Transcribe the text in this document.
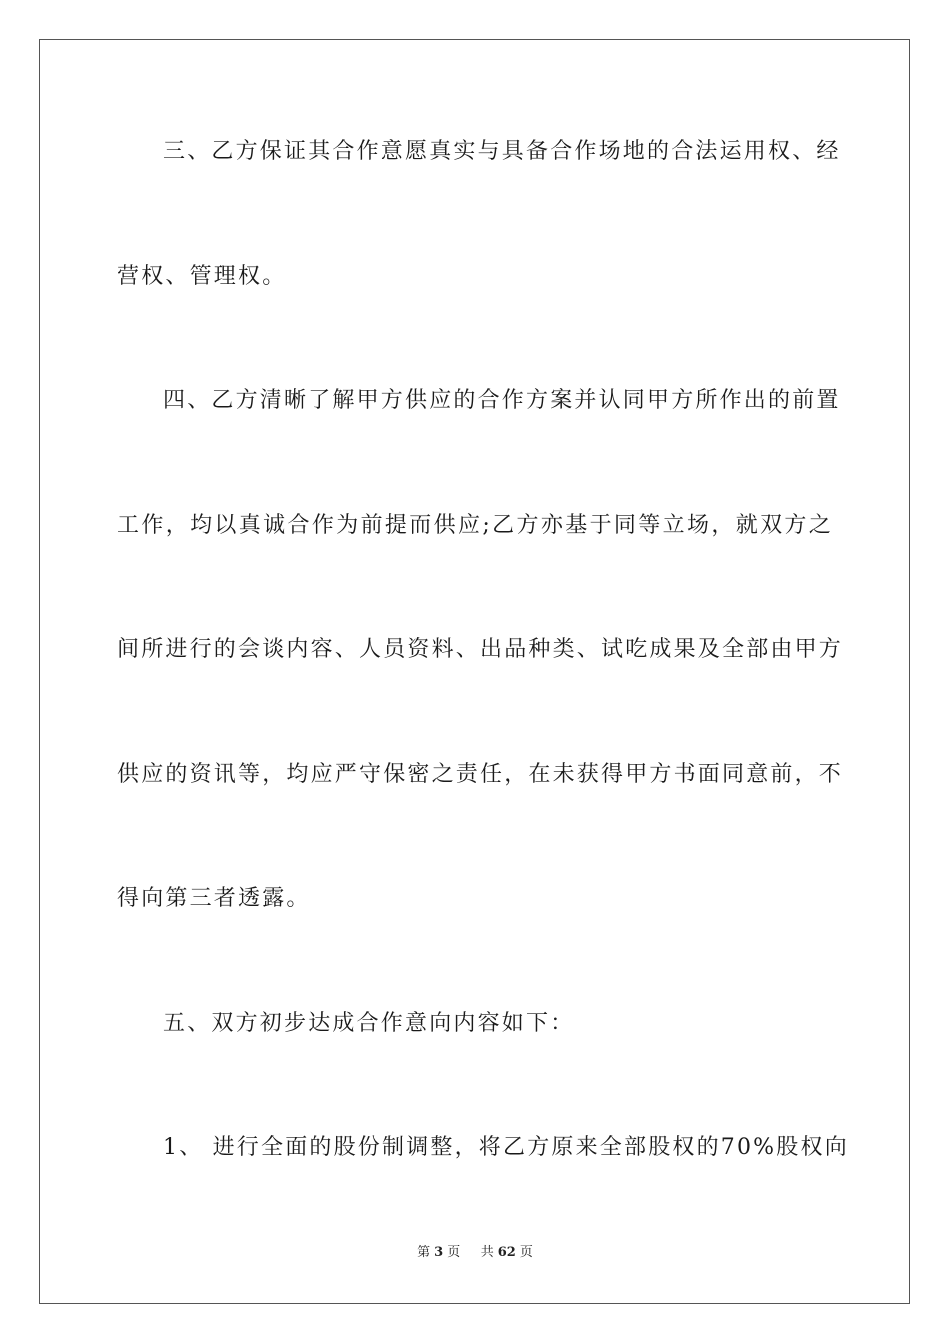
三、乙方保证其合作意愿真实与具备合作场地的合法运用权、经
营权、管理权。
四、乙方清晰了解甲方供应的合作方案并认同甲方所作出的前置
工作，均以真诚合作为前提而供应;乙方亦基于同等立场，就双方之
间所进行的会谈内容、人员资料、出品种类、试吃成果及全部由甲方
供应的资讯等，均应严守保密之责任，在未获得甲方书面同意前，不
得向第三者透露。
五、双方初步达成合作意向内容如下：
1、 进行全面的股份制调整，将乙方原来全部股权的70%股权向
第 3 页 共 62 页
